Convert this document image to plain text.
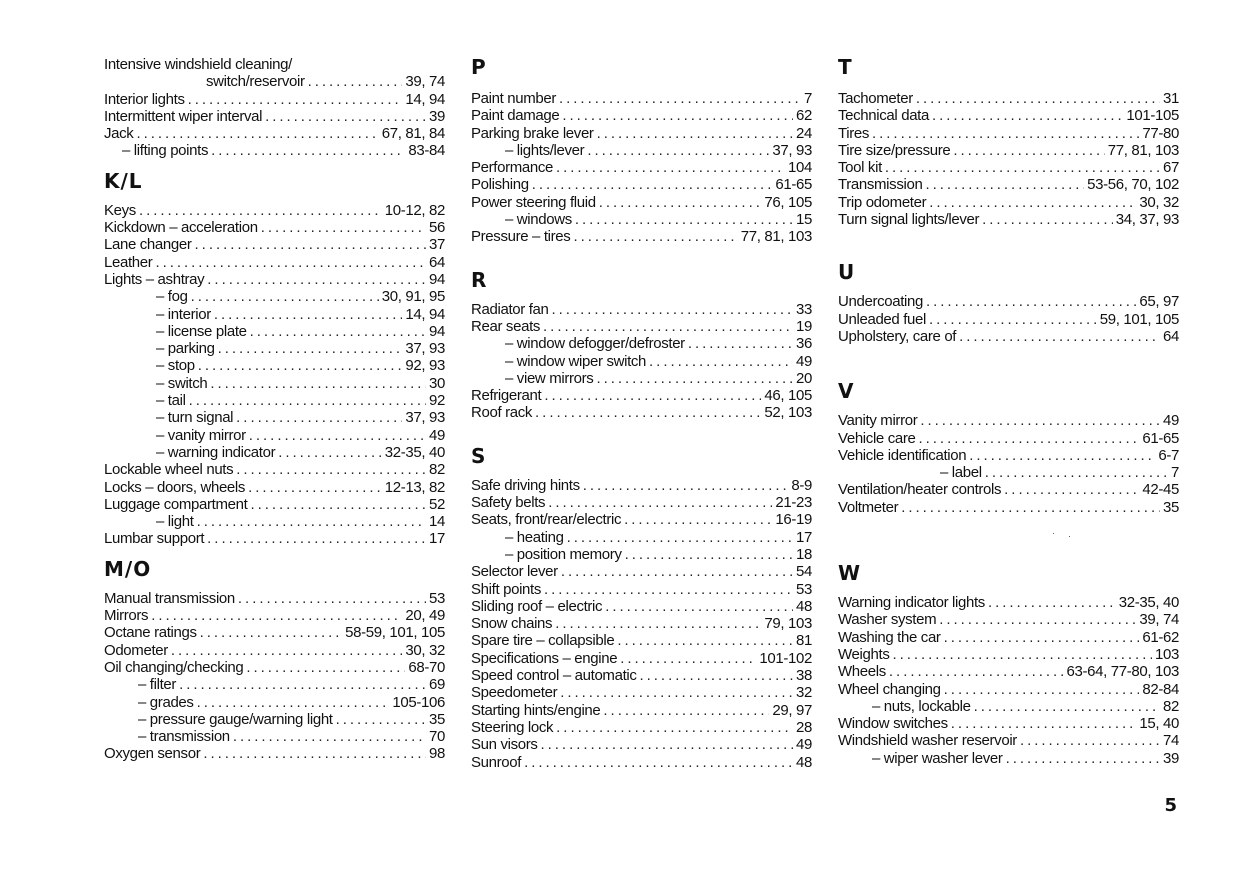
Intensive windshield cleaning/
switch/reservoir . . .	39, 74
Interior lights . . .	14, 94
Intermittent wiper interval . . .	39
Jack . . .	67, 81, 84
– lifting points . . .	83-84
K/L
Keys . . .	10-12, 82
Kickdown – acceleration . . .	56
Lane changer . . .	37
Leather . . .	64
Lights – ashtray . . .	94
– fog . . .	30, 91, 95
– interior . . .	14, 94
– license plate . . .	94
– parking . . .	37, 93
– stop . . .	92, 93
– switch . . .	30
– tail . . .	92
– turn signal . . .	37, 93
– vanity mirror . . .	49
– warning indicator . . .	32-35, 40
Lockable wheel nuts . . .	82
Locks – doors, wheels . . .	12-13, 82
Luggage compartment . . .	52
– light . . .	14
Lumbar support . . .	17
M/O
Manual transmission . . .	53
Mirrors . . .	20, 49
Octane ratings . . .	58-59, 101, 105
Odometer . . .	30, 32
Oil changing/checking . . .	68-70
– filter . . .	69
– grades . . .	105-106
– pressure gauge/warning light . . .	35
– transmission . . .	70
Oxygen sensor . . .	98
P
Paint number . . .	7
Paint damage . . .	62
Parking brake lever . . .	24
– lights/lever . . .	37, 93
Performance . . .	104
Polishing . . .	61-65
Power steering fluid . . .	76, 105
– windows . . .	15
Pressure – tires . . .	77, 81, 103
R
Radiator fan . . .	33
Rear seats . . .	19
– window defogger/defroster . . .	36
– window wiper switch . . .	49
– view mirrors . . .	20
Refrigerant . . .	46, 105
Roof rack . . .	52, 103
S
Safe driving hints . . .	8-9
Safety belts . . .	21-23
Seats, front/rear/electric . . .	16-19
– heating . . .	17
– position memory . . .	18
Selector lever . . .	54
Shift points . . .	53
Sliding roof – electric . . .	48
Snow chains . . .	79, 103
Spare tire – collapsible . . .	81
Specifications – engine . . .	101-102
Speed control – automatic . . .	38
Speedometer . . .	32
Starting hints/engine . . .	29, 97
Steering lock . . .	28
Sun visors . . .	49
Sunroof . . .	48
T
Tachometer . . .	31
Technical data . . .	101-105
Tires . . .	77-80
Tire size/pressure . . .	77, 81, 103
Tool kit . . .	67
Transmission . . .	53-56, 70, 102
Trip odometer . . .	30, 32
Turn signal lights/lever . . .	34, 37, 93
U
Undercoating . . .	65, 97
Unleaded fuel . . .	59, 101, 105
Upholstery, care of . . .	64
V
Vanity mirror . . .	49
Vehicle care . . .	61-65
Vehicle identification . . .	6-7
– label . . .	7
Ventilation/heater controls . . .	42-45
Voltmeter . . .	35
W
Warning indicator lights . . .	32-35, 40
Washer system . . .	39, 74
Washing the car . . .	61-62
Weights . . .	103
Wheels . . .	63-64, 77-80, 103
Wheel changing . . .	82-84
– nuts, lockable . . .	82
Window switches . . .	15, 40
Windshield washer reservoir . . .	74
– wiper washer lever . . .	39
· ·
5
